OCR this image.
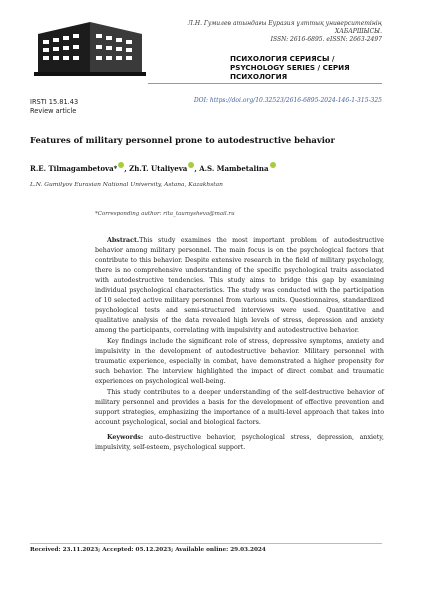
Л.Н. Гумилев атындағы Еуразия ұлттық университетінің ХАБАРШЫСЫ.
ISSN: 2616-6895. eISSN: 2663-2497
ПСИХОЛОГИЯ СЕРИЯСЫ /
PSYCHOLOGY SERIES / СЕРИЯ ПСИХОЛОГИЯ
IRSTI 15.81.43
Review article
DOI: https://doi.org/10.32523/2616-6895-2024-146-1-315-325
Features of military personnel prone to autodestructive behavior
R.E. Tilmagambetova* , Zh.T. Utaliyeva , A.S. Mambetalina
L.N. Gumilyov Eurasian National University, Astana, Kazakhstan
*Corresponding author: rita_taumysheva@mail.ru

Abstract.This study examines the most important problem of autodestructive behavior among military personnel. The main focus is on the psychological factors that contribute to this behavior. Despite extensive research in the field of military psychology, there is no comprehensive understanding of the specific psychological traits associated with autodestructive tendencies. This study aims to bridge this gap by examining individual psychological characteristics. The study was conducted with the participation of 10 selected active military personnel from various units. Questionnaires, standardized psychological tests and semi-structured interviews were used. Quantitative and qualitative analysis of the data revealed high levels of stress, depression and anxiety among the participants, correlating with impulsivity and autodestructive behavior.

Key findings include the significant role of stress, depressive symptoms, anxiety and impulsivity in the development of autodestructive behavior. Military personnel with traumatic experience, especially in combat, have demonstrated a higher propensity for such behavior. The interview highlighted the impact of direct combat and traumatic experiences on psychological well-being.

This study contributes to a deeper understanding of the self-destructive behavior of military personnel and provides a basis for the development of effective prevention and support strategies, emphasizing the importance of a multi-level approach that takes into account psychological, social and biological factors.

Keywords: auto-destructive behavior, psychological stress, depression, anxiety, impulsivity, self-esteem, psychological support.

Received: 23.11.2023; Accepted: 05.12.2023; Available online: 29.03.2024
